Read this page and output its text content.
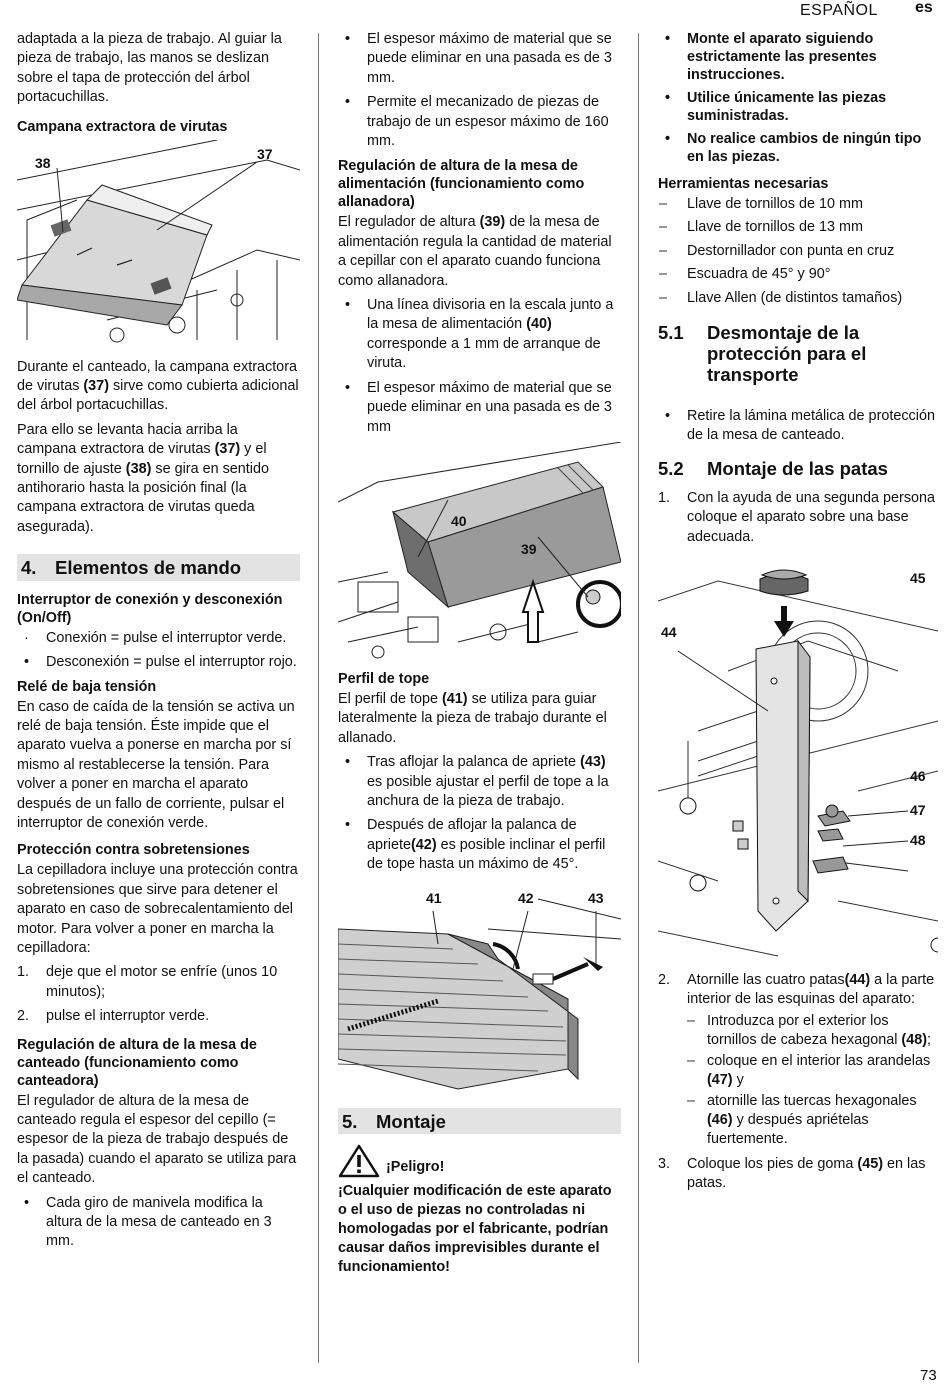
ESPAÑOL es

adaptada a la pieza de trabajo. Al guiar la pieza de trabajo, las manos se deslizan sobre el tapa de protección del árbol portacuchillas.

Campana extractora de virutas
38
37

Durante el canteado, la campana extractora de virutas (37) sirve como cubierta adicional del árbol portacuchillas.

Para ello se levanta hacia arriba la campana extractora de virutas (37) y el tornillo de ajuste (38) se gira en sentido antihorario hasta la posición final (la campana extractora de virutas queda asegurada).

4. Elementos de mando
Interruptor de conexión y desconexión (On/Off)
· Conexión = pulse el interruptor verde.
• Desconexión = pulse el interruptor rojo.
Relé de baja tensión

En caso de caída de la tensión se activa un relé de baja tensión. Éste impide que el aparato vuelva a ponerse en marcha por sí mismo al restablecerse la tensión. Para volver a poner en marcha el aparato después de un fallo de corriente, pulsar el interruptor de conexión verde.

Protección contra sobretensiones

La cepilladora incluye una protección contra sobretensiones que sirve para detener el aparato en caso de sobrecalentamiento del motor. Para volver a poner en marcha la cepilladora:

1. deje que el motor se enfríe (unos 10 minutos);
2. pulse el interruptor verde.
Regulación de altura de la mesa de canteado (funcionamiento como canteadora)

El regulador de altura de la mesa de canteado regula el espesor del cepillo (= espesor de la pieza de trabajo después de la pasada) cuando el aparato se utiliza para el canteado.

• Cada giro de manivela modifica la altura de la mesa de canteado en 3 mm.
• El espesor máximo de material que se puede eliminar en una pasada es de 3 mm.
• Permite el mecanizado de piezas de trabajo de un espesor máximo de 160 mm.
Regulación de altura de la mesa de alimentación (funcionamiento como allanadora)

El regulador de altura (39) de la mesa de alimentación regula la cantidad de material a cepillar con el aparato cuando funciona como allanadora.

• Una línea divisoria en la escala junto a la mesa de alimentación (40) corresponde a 1 mm de arranque de viruta.
• El espesor máximo de material que se puede eliminar en una pasada es de 3 mm
40
39
Perfil de tope

El perfil de tope (41) se utiliza para guiar lateralmente la pieza de trabajo durante el allanado.

• Tras aflojar la palanca de apriete (43) es posible ajustar el perfil de tope a la anchura de la pieza de trabajo.
• Después de aflojar la palanca de apriete(42) es posible inclinar el perfil de tope hasta un máximo de 45°.
41	42	43
5. Montaje
¡Peligro!

¡Cualquier modificación de este aparato o el uso de piezas no controladas ni homologadas por el fabricante, podrían causar daños imprevisibles durante el funcionamiento!

• Monte el aparato siguiendo estrictamente las presentes instrucciones.
• Utilice únicamente las piezas suministradas.
• No realice cambios de ningún tipo en las piezas.
Herramientas necesarias
– Llave de tornillos de 10 mm
– Llave de tornillos de 13 mm
– Destornillador con punta en cruz
– Escuadra de 45° y 90°
– Llave Allen (de distintos tamaños)
5.1 Desmontaje de la protección para el transporte
• Retire la lámina metálica de protección de la mesa de canteado.
5.2 Montaje de las patas
1. Con la ayuda de una segunda persona coloque el aparato sobre una base adecuada.
45
44
46
47
48
2. Atornille las cuatro patas(44) a la parte interior de las esquinas del aparato:
– Introduzca por el exterior los tornillos de cabeza hexagonal (48);
– coloque en el interior las arandelas (47) y
– atornille las tuercas hexagonales (46) y después apriételas fuertemente.
3. Coloque los pies de goma (45) en las patas.
73
